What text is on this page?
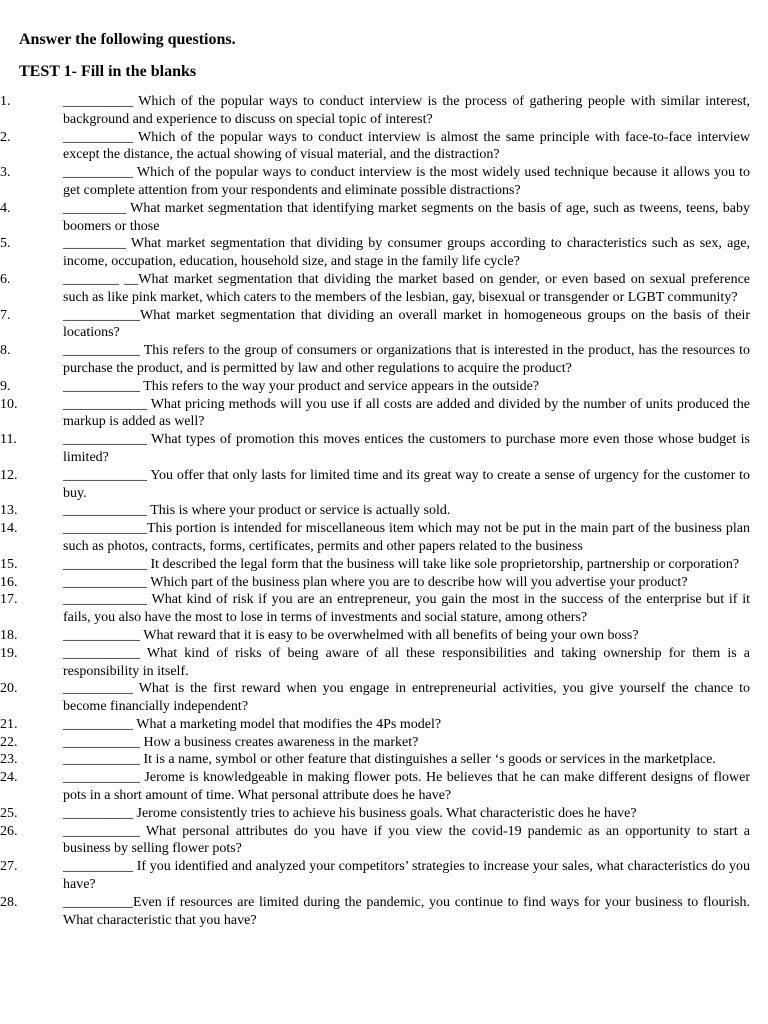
Answer the following questions.
TEST 1- Fill in the blanks
1.	__________ Which of the popular ways to conduct interview is the process of gathering people with similar interest, background and experience to discuss on special topic of interest?
2.	__________ Which of the popular ways to conduct interview is almost the same principle with face-to-face interview except the distance, the actual showing of visual material, and the distraction?
3.	__________ Which of the popular ways to conduct interview is the most widely used technique because it allows you to get complete attention from your respondents and eliminate possible distractions?
4.	_________ What market segmentation that identifying market segments on the basis of age, such as tweens, teens, baby boomers or those
5.	_________ What market segmentation that dividing by consumer groups according to characteristics such as sex, age, income, occupation, education, household size, and stage in the family life cycle?
6.	________ __What market segmentation that dividing the market based on gender, or even based on sexual preference such as like pink market, which caters to the members of the lesbian, gay, bisexual or transgender or LGBT community?
7.	___________What market segmentation that dividing an overall market in homogeneous groups on the basis of their locations?
8.	___________ This refers to the group of consumers or organizations that is interested in the product, has the resources to purchase the product, and is permitted by law and other regulations to acquire the product?
9.	___________ This refers to the way your product and service appears in the outside?
10.	____________ What pricing methods will you use if all costs are added and divided by the number of units produced the markup is added as well?
11.	____________ What types of promotion this moves entices the customers to purchase more even those whose budget is limited?
12.	____________ You offer that only lasts for limited time and its great way to create a sense of urgency for the customer to buy.
13.	____________ This is where your product or service is actually sold.
14.	____________This portion is intended for miscellaneous item which may not be put in the main part of the business plan such as photos, contracts, forms, certificates, permits and other papers related to the business
15.	____________ It described the legal form that the business will take like sole proprietorship, partnership or corporation?
16.	____________ Which part of the business plan where you are to describe how will you advertise your product?
17.	____________ What kind of risk if you are an entrepreneur, you gain the most in the success of the enterprise but if it fails, you also have the most to lose in terms of investments and social stature, among others?
18.	___________ What reward that it is easy to be overwhelmed with all benefits of being your own boss?
19.	___________ What kind of risks of being aware of all these responsibilities and taking ownership for them is a responsibility in itself.
20.	__________ What is the first reward when you engage in entrepreneurial activities, you give yourself the chance to become financially independent?
21.	__________ What a marketing model that modifies the 4Ps model?
22.	___________ How a business creates awareness in the market?
23.	___________ It is a name, symbol or other feature that distinguishes a seller ‘s goods or services in the marketplace.
24.	___________ Jerome is knowledgeable in making flower pots. He believes that he can make different designs of flower pots in a short amount of time. What personal attribute does he have?
25.	__________ Jerome consistently tries to achieve his business goals. What characteristic does he have?
26.	___________ What personal attributes do you have if you view the covid-19 pandemic as an opportunity to start a business by selling flower pots?
27.	__________ If you identified and analyzed your competitors’ strategies to increase your sales, what characteristics do you have?
28.	__________Even if resources are limited during the pandemic, you continue to find ways for your business to flourish. What characteristic that you have?
